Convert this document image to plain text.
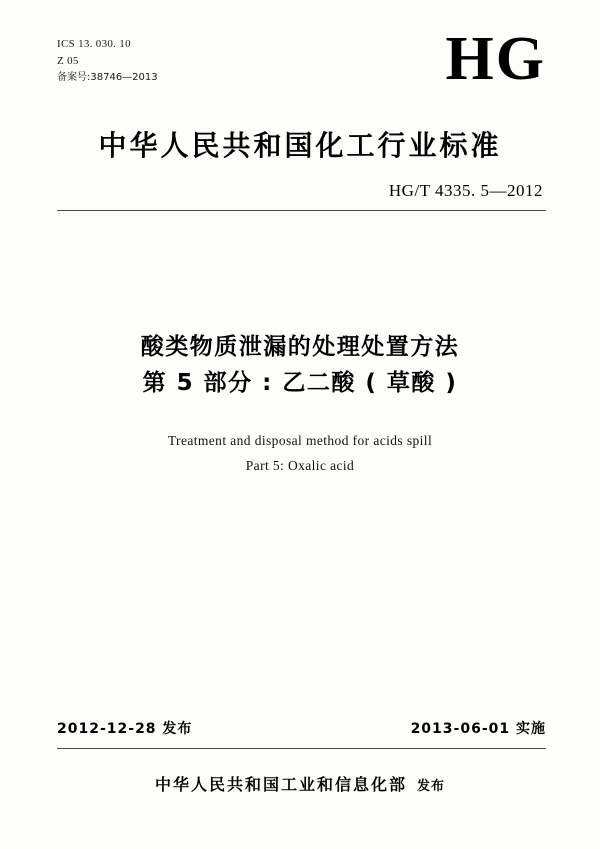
ICS 13. 030. 10
Z 05
备案号:38746—2013	HG
中华人民共和国化工行业标准
HG/T 4335. 5—2012
酸类物质泄漏的处理处置方法
第 5 部分 : 乙二酸 ( 草酸 )
Treatment and disposal method for acids spill
Part 5: Oxalic acid
2012-12-28 发布	2013-06-01 实施
中华人民共和国工业和信息化部 发布
